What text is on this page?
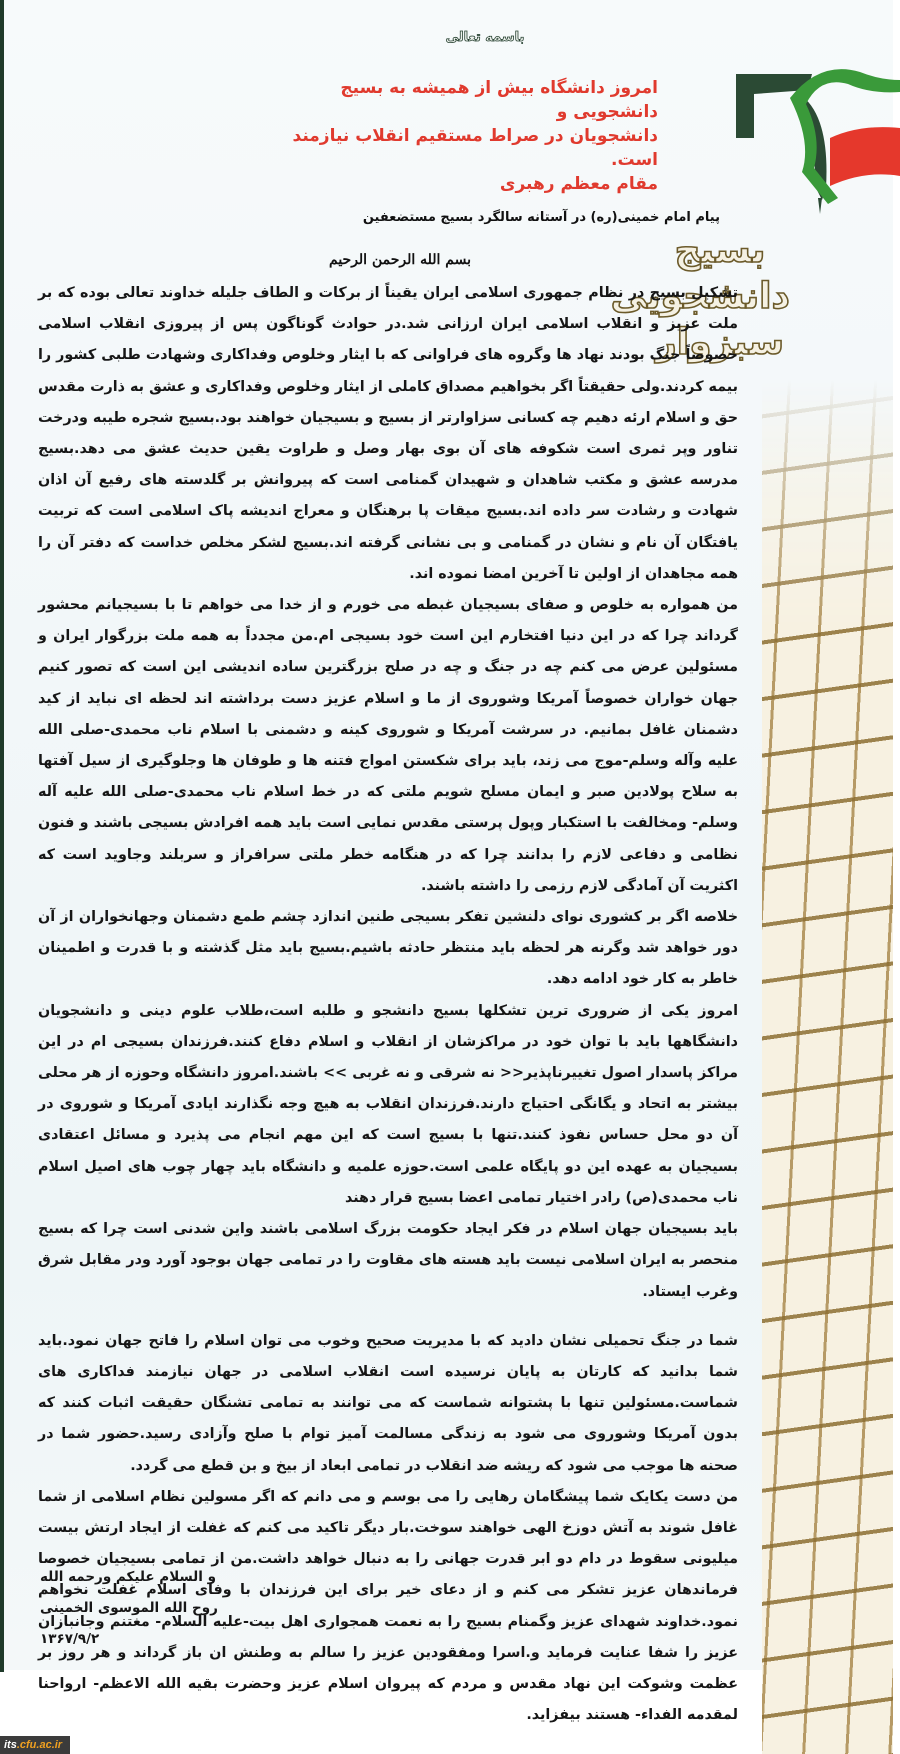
باسمه تعالی
امروز دانشگاه بیش از همیشه به بسیج دانشجویی و
دانشجویان در صراط مستقیم انقلاب نیازمند است.
مقام معظم رهبری
بسیج
دانشجویی
سبزوار
پیام امام خمینی(ره) در آستانه سالگرد بسیج مستضعفین
بسم الله الرحمن الرحیم

تشکیل بسیج در نظام جمهوری اسلامی ایران یقیناً از برکات و الطاف جلیله خداوند تعالی بوده که بر ملت عزیز و انقلاب اسلامی ایران ارزانی شد.در حوادث گوناگون پس از پیروزی انقلاب اسلامی خصوصاً جنگ بودند نهاد ها وگروه های فراوانی که با ایثار وخلوص وفداکاری وشهادت طلبی کشور را بیمه کردند.ولی حقیقتاً اگر بخواهیم مصداق کاملی از ایثار وخلوص وفداکاری و عشق به ذارت مقدس حق و اسلام ارئه دهیم چه کسانی سزاوارتر از بسیج و بسیجیان خواهند بود.بسیج شجره طیبه ودرخت تناور وپر ثمری است شکوفه های آن بوی بهار وصل و طراوت یقین حدیث عشق می دهد.بسیج مدرسه عشق و مکتب شاهدان و شهیدان گمنامی است که پیروانش بر گلدسته های رفیع آن اذان شهادت و رشادت سر داده اند.بسیج میقات پا برهنگان و معراج اندیشه پاک اسلامی است که تربیت یافتگان آن نام و نشان در گمنامی و بی نشانی گرفته اند.بسیج لشکر مخلص خداست که دفتر آن را همه مجاهدان از اولین تا آخرین امضا نموده اند.

من همواره به خلوص و صفای بسیجیان غبطه می خورم و از خدا می خواهم تا با بسیجیانم محشور گرداند چرا که در این دنیا افتخارم این است خود بسیجی ام.من مجدداً به همه ملت بزرگوار ایران و مسئولین عرض می کنم چه در جنگ و چه در صلح بزرگترین ساده اندیشی این است که تصور کنیم جهان خواران خصوصاً آمریکا وشوروی از ما و اسلام عزیز دست برداشته اند لحظه ای نباید از کید دشمنان غافل بمانیم. در سرشت آمریکا و شوروی کینه و دشمنی با اسلام ناب محمدی-صلی الله علیه وآله وسلم-موج می زند، باید برای شکستن امواج فتنه ها و طوفان ها وجلوگیری از سیل آفتها به سلاح پولادین صبر و ایمان مسلح شویم ملتی که در خط اسلام ناب محمدی-صلی الله علیه آله وسلم- ومخالفت با استکبار وپول پرستی مقدس نمایی است باید همه افرادش بسیجی باشند و فنون نظامی و دفاعی لازم را بدانند چرا که در هنگامه خطر ملتی سرافراز و سربلند وجاوید است که اکثریت آن آمادگی لازم رزمی را داشته باشند.

خلاصه اگر بر کشوری نوای دلنشین تفکر بسیجی طنین اندازد چشم طمع دشمنان وجهانخواران از آن دور خواهد شد وگرنه هر لحظه باید منتظر حادثه باشیم.بسیج باید مثل گذشته و با قدرت و اطمینان خاطر به کار خود ادامه دهد.

امروز یکی از ضروری ترین تشکلها بسیج دانشجو و طلبه است،طلاب علوم دینی و دانشجویان دانشگاهها باید با توان خود در مراکزشان از انقلاب و اسلام دفاع کنند.فرزندان بسیجی ام در این مراکز پاسدار اصول تغییرناپذیر<< نه شرقی و نه غربی >> باشند.امروز دانشگاه وحوزه از هر محلی بیشتر به اتحاد و یگانگی احتیاج دارند.فرزندان انقلاب به هیچ وجه نگذارند ایادی آمریکا و شوروی در آن دو محل حساس نفوذ کنند.تنها با بسیج است که این مهم انجام می پذیرد و مسائل اعتقادی بسیجیان به عهده این دو پایگاه علمی است.حوزه علمیه و دانشگاه باید چهار چوب های اصیل اسلام ناب محمدی(ص) رادر اختیار تمامی اعضا بسیج قرار دهند

باید بسیجیان جهان اسلام در فکر ایجاد حکومت بزرگ اسلامی باشند واین شدنی است چرا که بسیج منحصر به ایران اسلامی نیست باید هسته های مقاوت را در تمامی جهان بوجود آورد ودر مقابل شرق وغرب ایستاد.

شما در جنگ تحمیلی نشان دادید که با مدیریت صحیح وخوب می توان اسلام را فاتح جهان نمود.باید شما بدانید که کارتان به پایان نرسیده است انقلاب اسلامی در جهان نیازمند فداکاری های شماست.مسئولین تنها با پشتوانه شماست که می توانند به تمامی تشنگان حقیقت اثبات کنند که بدون آمریکا وشوروی می شود به زندگی مسالمت آمیز توام با صلح وآزادی رسید.حضور شما در صحنه ها موجب می شود که ریشه ضد انقلاب در تمامی ابعاد از بیخ و بن قطع می گردد.

من دست یکایک شما پیشگامان رهایی را می بوسم و می دانم که اگر مسولین نظام اسلامی از شما غافل شوند به آتش دوزخ الهی خواهند سوخت.بار دیگر تاکید می کنم که غفلت از ایجاد ارتش بیست میلیونی سقوط در دام دو ابر قدرت جهانی را به دنبال خواهد داشت.من از تمامی بسیجیان خصوصا فرماندهان عزیز تشکر می کنم و از دعای خیر برای این فرزندان با وفای اسلام غفلت نخواهم نمود.خداوند شهدای عزیز وگمنام بسیج را به نعمت همجواری اهل بیت-علیه السلام- مغتنم وجانبازان عزیز را شفا عنایت فرماید و.اسرا ومفقودین عزیز را سالم به وطنش ان باز گرداند و هر روز بر عظمت وشوکت این نهاد مقدس و مردم که پیروان اسلام عزیز وحضرت بقیه الله الاعظم- ارواحنا لمقدمه الفداء- هستند بیفزاید.

و السلام علیکم ورحمه الله
روح الله الموسوی الخمینی
۱۳۶۷/۹/۲
its.cfu.ac.ir
